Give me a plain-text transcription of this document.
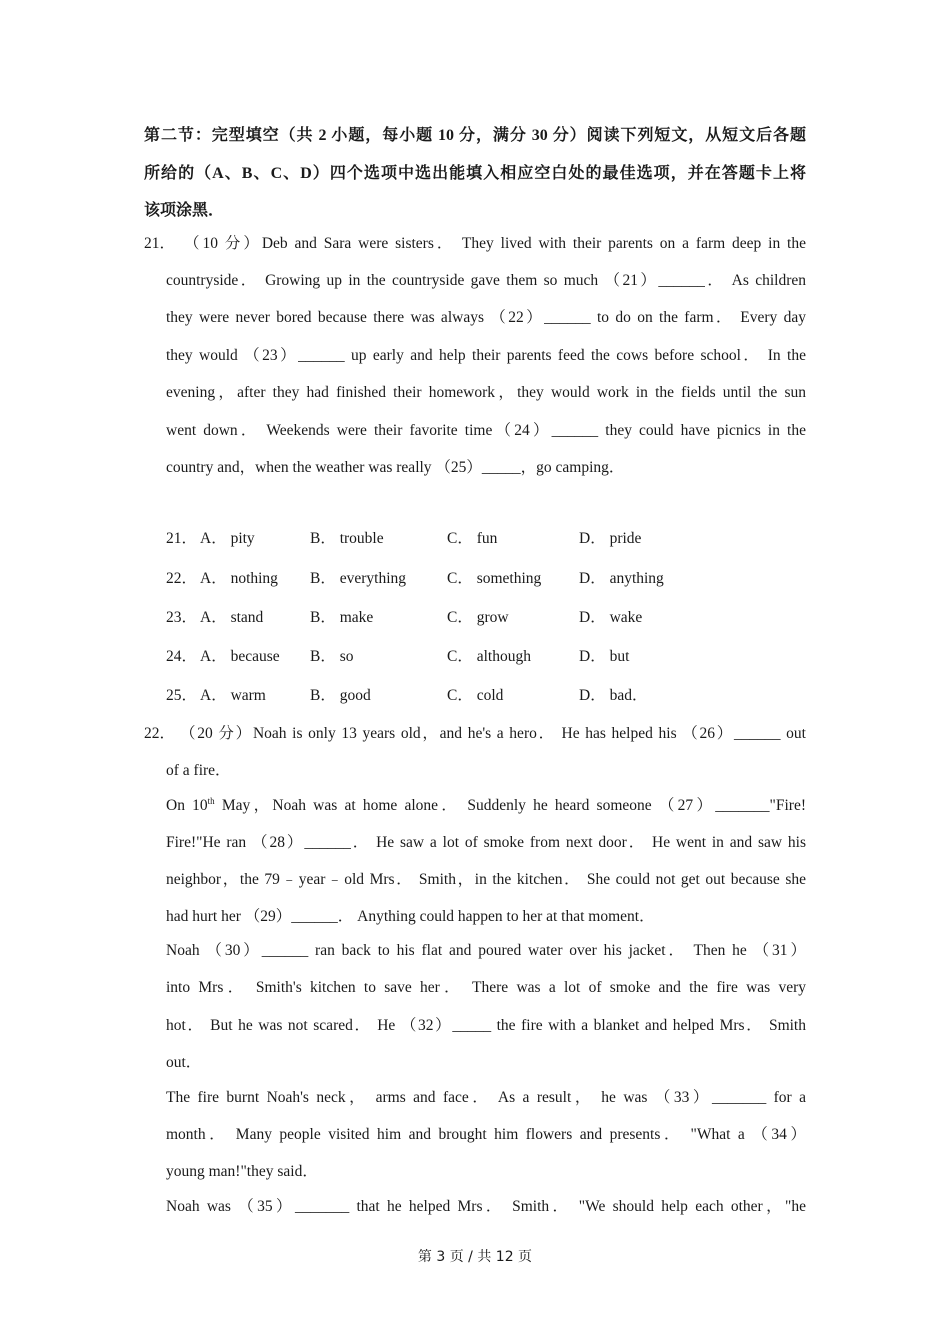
第二节：完型填空（共 2 小题，每小题 10 分，满分 30 分）阅读下列短文，从短文后各题
所给的（A、B、C、D）四个选项中选出能填入相应空白处的最佳选项，并在答题卡上将
该项涂黑．
21． （10 分）Deb and Sara were sisters． They lived with their parents on a farm deep in the
countryside． Growing up in the countryside gave them so much （21）______． As children
they were never bored because there was always （22）______ to do on the farm． Every day
they would （23）______ up early and help their parents feed the cows before school． In the
evening，after they had finished their homework，they would work in the fields until the sun
went down． Weekends were their favorite time（24）______ they could have picnics in the
country and，when the weather was really （25）_____，go camping．
21． A． pity	B． trouble	C． fun	D． pride
22． A． nothing B． everything	C． something D． anything
23． A． stand	B． make	C． grow	D． wake
24． A． because B． so	C． although	D． but
25． A． warm	B． good	C． cold	D． bad．
22． （20 分）Noah is only 13 years old，and he's a hero． He has helped his （26）______ out
of a fire．
On 10th May，Noah was at home alone． Suddenly he heard someone （27）_______"Fire!
Fire!"He ran （28）______． He saw a lot of smoke from next door． He went in and saw his
neighbor，the 79﹣year﹣old Mrs． Smith，in the kitchen． She could not get out because she
had hurt her （29）______． Anything could happen to her at that moment．
Noah （30）______ ran back to his flat and poured water over his jacket． Then he （31）
into Mrs． Smith's kitchen to save her． There was a lot of smoke and the fire was very
hot． But he was not scared． He （32）_____ the fire with a blanket and helped Mrs． Smith
out．
The fire burnt Noah's neck， arms and face． As a result， he was （33）_______ for a
month． Many people visited him and brought him flowers and presents． "What a （34）
young man!"they said．
Noah was （35）_______ that he helped Mrs． Smith． "We should help each other，"he
第 3 页 / 共 12 页
